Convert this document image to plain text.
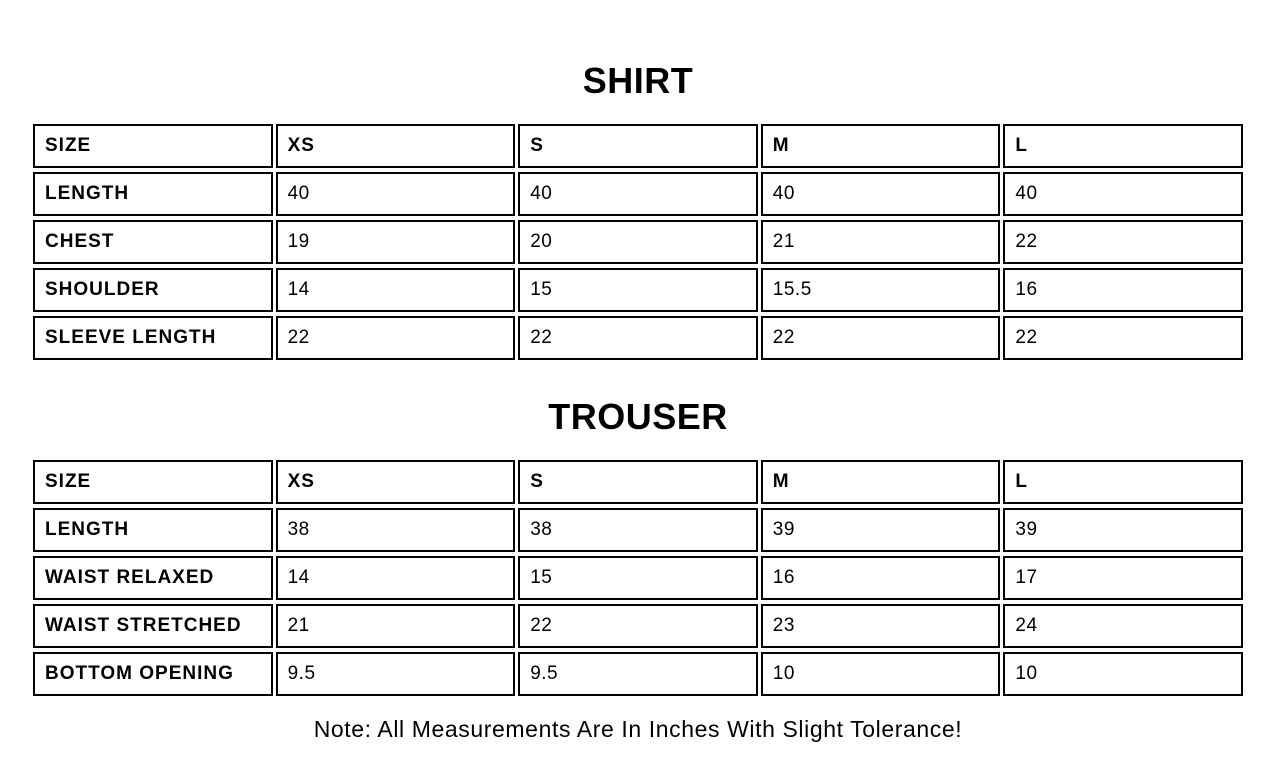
SHIRT
SIZE	XS	S	M	L
LENGTH	40	40	40	40
CHEST	19	20	21	22
SHOULDER	14	15	15.5	16
SLEEVE LENGTH	22	22	22	22
TROUSER
SIZE	XS	S	M	L
LENGTH	38	38	39	39
WAIST RELAXED	14	15	16	17
WAIST STRETCHED	21	22	23	24
BOTTOM OPENING	9.5	9.5	10	10
Note: All Measurements Are In Inches With Slight Tolerance!
